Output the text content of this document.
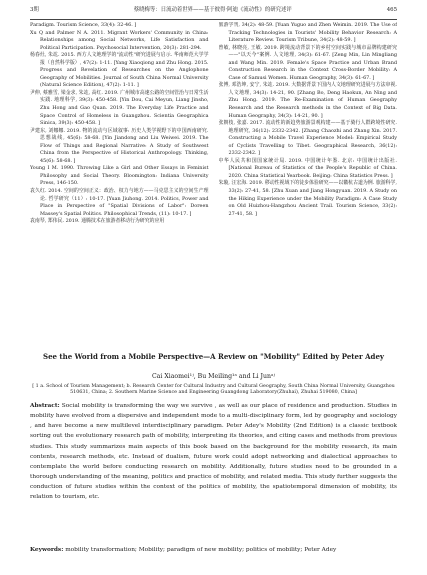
3期	蔡晓梅等：日流动着世界——基于彼得·阿迪《流动性》的研究述评	465

Paradigm. Tourism Science, 33(4): 32-46. ]

Xu Q and Palmer N A. 2011. Migrant Workers' Community in China: Relationships among Social Networks, Life Satisfaction and Political Participation. Psychosocial Intervention, 20(3): 281-294.

杨春灶, 朱竑. 2015. 西方人文地理学的"流动性"研究进展与启示. 华南师范大学学报（自然科学版）, 47(2): 1-11. [Yang Xiaoqiong and Zhu Hong. 2015. Progress and Revelation of Researches on the Anglophone Geography of Mobilities. Journal of South China Normal University (Natural Science Edition), 47(2): 1-11. ]

尹伸, 蔡雅雪, 梁金求, 朱竑, 高红. 2019. 广州城市高速公路的空间管治与日常生活实践. 地理科学, 39(3): 450-458. [Yin Dou, Cai Meyun, Liang Jinsho, Zhu Hong and Gao Quan. 2019. The Everyday Life Practice and Space Control of Homeless in Guangzhou. Scientia Geographica Sinica, 39(3): 450-458. ]

尹建东, 刘娜娜. 2019. 物的流动与区域叙事: 历史人类学视野下的中国西南研究. 思想战线, 45(6): 58-68. [Yin Jiandong and Liu Weiwei. 2019. The Flow of Things and Regional Narrative: A Study of Southwest China from the Perspective of Historical Anthropology. Thinking, 45(6): 58-68. ]

Young I M. 1990. Throwing Like a Girl and Other Essays in Feminist Philosophy and Social Theory. Bloomington: Indiana University Press, 146-150.

袁久红. 2014. 空间的空间正义：政治、权力与地方——马克思主义的空间生产理论. 哲学研究（11）: 10-17. [Yuan Jiuhong. 2014. Politics, Power and Place in Perspective of "Spatial Divisions of Labor": Doreen Massey's Spatial Politics. Philosophical Trends, (11): 10-17. ]

袁南琴, 郑伟民. 2019. 通腾技术在旅游者移动行为研究的应用

旅游学刊, 34(2): 48-59. [Yuan Yuguo and Zhen Weimin. 2019. The Use of Tracking Technologies in Tourists' Mobility Behavior Research: A Literature Review. Tourism Tribune, 34(2): 48-59. ]

曾敏, 林晓亮, 王敏. 2019. 跨境流动背景下的乡村空间实践与城市品牌构建研究——"以天今"案例. 人文地理, 34(3): 61-67. [Zeng Min, Lin Mingliang and Wang Min. 2019. Female's Space Practice and Urban Brand Construction Research in the Context Cross-Border Mobility: A Case of Samusi Women. Human Geography, 34(3): 61-67. ]

张博, 邓浩坤, 安宁, 朱竑. 2019. 大数据背景下国内人文地理研究进展与方法审视. 人文地理, 34(3): 14-21, 90. [Zhang Bo, Deng Haokun, An Ning and Zhu Hong. 2019. The Re-Examination of Human Geography Research and the Research methods in the Context of Big Data. Human Geography, 34(3): 14-21, 90. ]

张朝枝, 张嘉. 2017. 流动性的新趋势旅游景观构建——基于骑行人群跨境性研究. 地理研究, 36(12): 2332-2342. [Zhang Chaozhi and Zhang Xin. 2017. Constructing a Mobile Travel Experience Model: Empirical Study of Cyclists Travelling to Tibet. Geographical Research, 36(12): 2332-2342. ]

中华人民共和国国家统计局. 2019. 中国统计年鉴. 北京: 中国统计出版社. [National Bureau of Statistics of the People's Republic of China. 2020. China Statistical Yearbook. Beijing: China Statistics Press. ]

朱璇, 汪宏海. 2019. 移动性视域下的徒步体验研究——以徽杭古道为例. 旅游科学, 33(2): 27-41, 58. [Zhu Xuan and Jiang Hongyuan. 2019. A Study on the Hiking Experience under the Mobility Paradigm: A Case Study on Old Huizhou-Hangzhou Ancient Trail. Tourism Science, 33(2): 27-41, 58. ]

See the World from a Mobile Perspective—A Review on "Mobility" Edited by Peter Adey
Cai Xiaomei¹ʲ, Bu Meiling¹ᵃ and Li Junᵃʲ
[ 1 a. School of Tourism Management; b. Research Center for Cultural Industry and Cultural Geography, South China Normal University, Guangzhou 510631, China; 2. Southern Marine Science and Engineering Guangdong Laboratory(Zhuhai), Zhuhai 519080, China]
Abstract: Social mobility is transforming the way we survive , as well as our place of residence and production. Studies in mobility have evolved from a dispersive and independent mode to a multi-disciplinary form, led by geography and sociology , and have become a new multilevel interdisciplinary paradigm. Peter Adey's Mobility (2nd Edition) is a classic textbook sorting out the evolutionary research path of mobility, interpreting its theories, and citing cases and methods from previous studies. This study summarizes main aspects of this book based on the background for the mobility research, its main contents, research methods, etc. Instead of dualism, future work could adopt networking and dialectical approaches to contemplate the world before conducting research on mobility. Additionally, future studies need to be grounded in a thorough understanding of the meaning, politics and practice of mobility, and related media. This study further suggests the conduction of future studies within the context of the politics of mobility, the spatiotemporal dimension of mobility, its relation to tourism, etc.
Keywords: mobility transformation; Mobility; paradigm of new mobility; politics of mobility; Peter Adey
